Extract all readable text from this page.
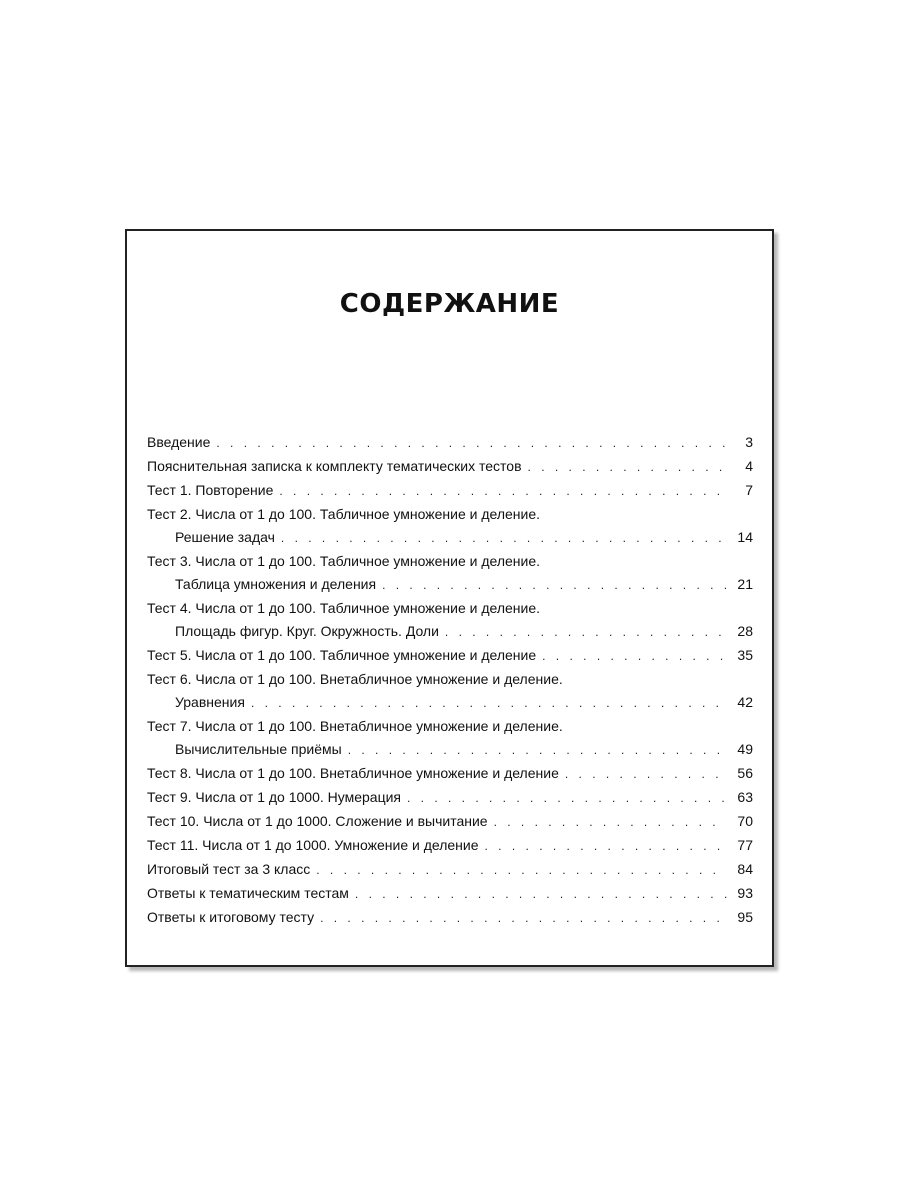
СОДЕРЖАНИЕ
Введение . . .	3
Пояснительная записка к комплекту тематических тестов . . .	4
Тест 1. Повторение . . .	7
Тест 2. Числа от 1 до 100. Табличное умножение и деление.
Решение задач . . .	14
Тест 3. Числа от 1 до 100. Табличное умножение и деление.
Таблица умножения и деления . . .	21
Тест 4. Числа от 1 до 100. Табличное умножение и деление.
Площадь фигур. Круг. Окружность. Доли . . .	28
Тест 5. Числа от 1 до 100. Табличное умножение и деление . . .	35
Тест 6. Числа от 1 до 100. Внетабличное умножение и деление.
Уравнения . . .	42
Тест 7. Числа от 1 до 100. Внетабличное умножение и деление.
Вычислительные приёмы . . .	49
Тест 8. Числа от 1 до 100. Внетабличное умножение и деление . . .	56
Тест 9. Числа от 1 до 1000. Нумерация . . .	63
Тест 10. Числа от 1 до 1000. Сложение и вычитание . . .	70
Тест 11. Числа от 1 до 1000. Умножение и деление . . .	77
Итоговый тест за 3 класс . . .	84
Ответы к тематическим тестам . . .	93
Ответы к итоговому тесту . . .	95
